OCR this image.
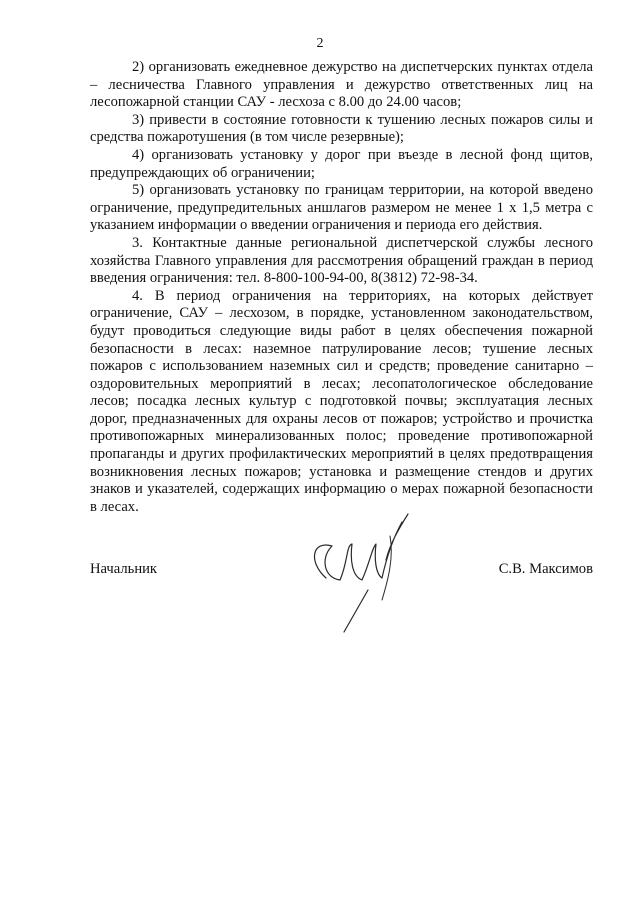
2

2) организовать ежедневное дежурство на диспетчерских пунктах отдела – лесничества Главного управления и дежурство ответственных лиц на лесопожарной станции САУ - лесхоза с 8.00 до 24.00 часов;

3) привести в состояние готовности к тушению лесных пожаров силы и средства пожаротушения (в том числе резервные);

4) организовать установку у дорог при въезде в лесной фонд щитов, предупреждающих об ограничении;

5) организовать установку по границам территории, на которой введено ограничение, предупредительных аншлагов размером не менее 1 х 1,5 метра с указанием информации о введении ограничения и периода его действия.

3. Контактные данные региональной диспетчерской службы лесного хозяйства Главного управления для рассмотрения обращений граждан в период введения ограничения: тел. 8-800-100-94-00, 8(3812) 72-98-34.

4. В период ограничения на территориях, на которых действует ограничение, САУ – лесхозом, в порядке, установленном законодательством, будут проводиться следующие виды работ в целях обеспечения пожарной безопасности в лесах: наземное патрулирование лесов; тушение лесных пожаров с использованием наземных сил и средств; проведение санитарно – оздоровительных мероприятий в лесах; лесопатологическое обследование лесов; посадка лесных культур с подготовкой почвы; эксплуатация лесных дорог, предназначенных для охраны лесов от пожаров; устройство и прочистка противопожарных минерализованных полос; проведение противопожарной пропаганды и других профилактических мероприятий в целях предотвращения возникновения лесных пожаров; установка и размещение стендов и других знаков и указателей, содержащих информацию о мерах пожарной безопасности в лесах.

Начальник	С.В. Максимов
